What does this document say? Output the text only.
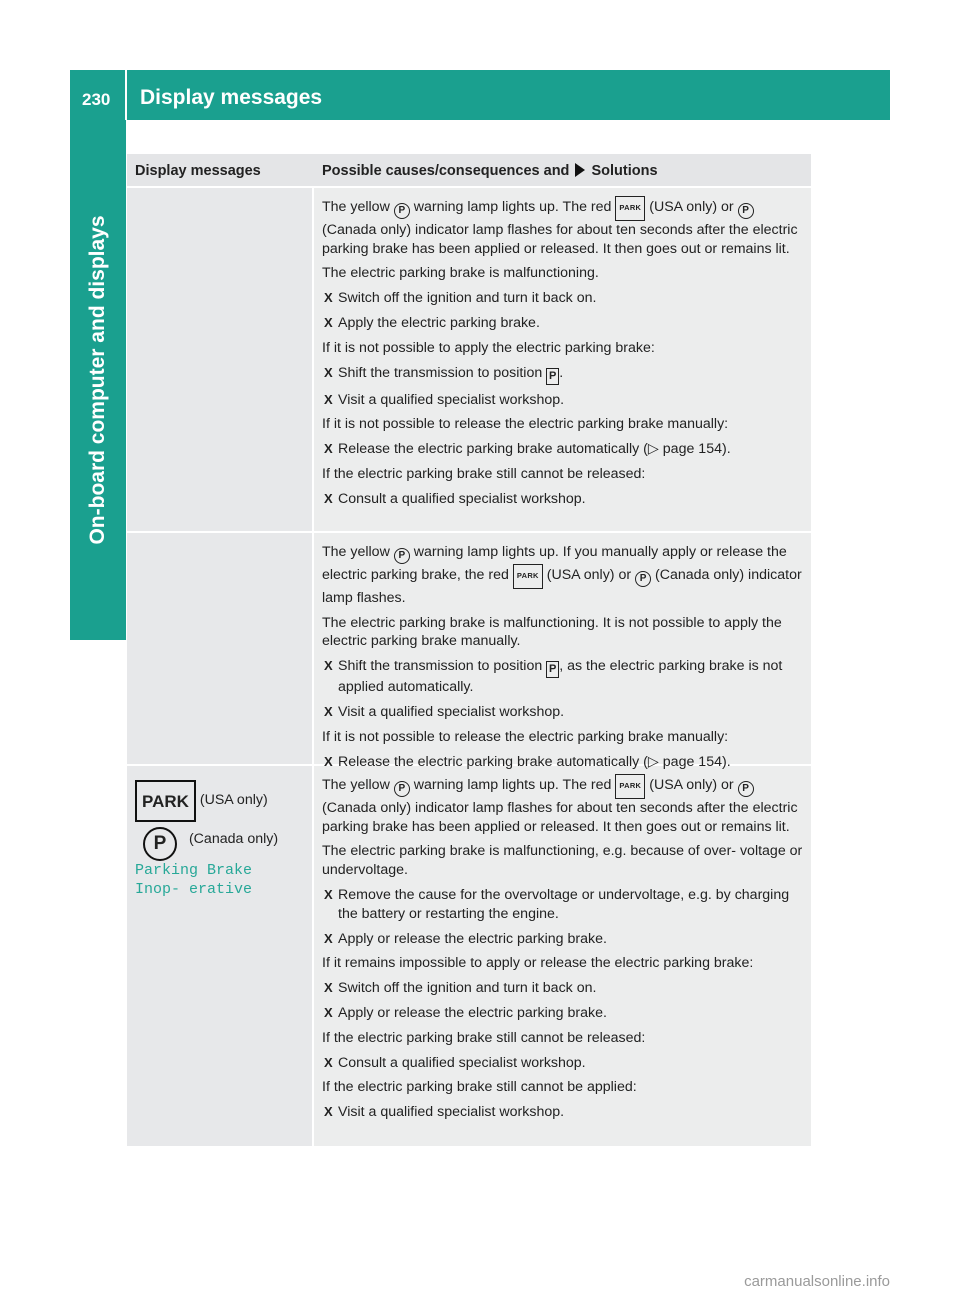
230 Display messages
On-board computer and displays
Display messages	Possible causes/consequences and Solutions

The yellow P warning lamp lights up. The red PARK (USA only) or P (Canada only) indicator lamp flashes for about ten seconds after the electric parking brake has been applied or released. It then goes out or remains lit.

The electric parking brake is malfunctioning.

X Switch off the ignition and turn it back on.
X Apply the electric parking brake.

If it is not possible to apply the electric parking brake:

X Shift the transmission to position P .
X Visit a qualified specialist workshop.

If it is not possible to release the electric parking brake manually:

X Release the electric parking brake automatically (▷ page 154).

If the electric parking brake still cannot be released:

X Consult a qualified specialist workshop.

The yellow P warning lamp lights up. If you manually apply or release the electric parking brake, the red PARK (USA only) or P (Canada only) indicator lamp flashes.

The electric parking brake is malfunctioning. It is not possible to apply the electric parking brake manually.

X Shift the transmission to position P , as the electric parking brake is not applied automatically.
X Visit a qualified specialist workshop.

If it is not possible to release the electric parking brake manually:

X Release the electric parking brake automatically (▷ page 154).
PARK (USA only) P (Canada only)
Parking Brake Inop‐ erative

The yellow P warning lamp lights up. The red PARK (USA only) or P (Canada only) indicator lamp flashes for about ten seconds after the electric parking brake has been applied or released. It then goes out or remains lit.

The electric parking brake is malfunctioning, e.g. because of over‐ voltage or undervoltage.

X Remove the cause for the overvoltage or undervoltage, e.g. by charging the battery or restarting the engine.
X Apply or release the electric parking brake.

If it remains impossible to apply or release the electric parking brake:

X Switch off the ignition and turn it back on.
X Apply or release the electric parking brake.

If the electric parking brake still cannot be released:

X Consult a qualified specialist workshop.

If the electric parking brake still cannot be applied:

X Visit a qualified specialist workshop.
carmanualsonline.info
